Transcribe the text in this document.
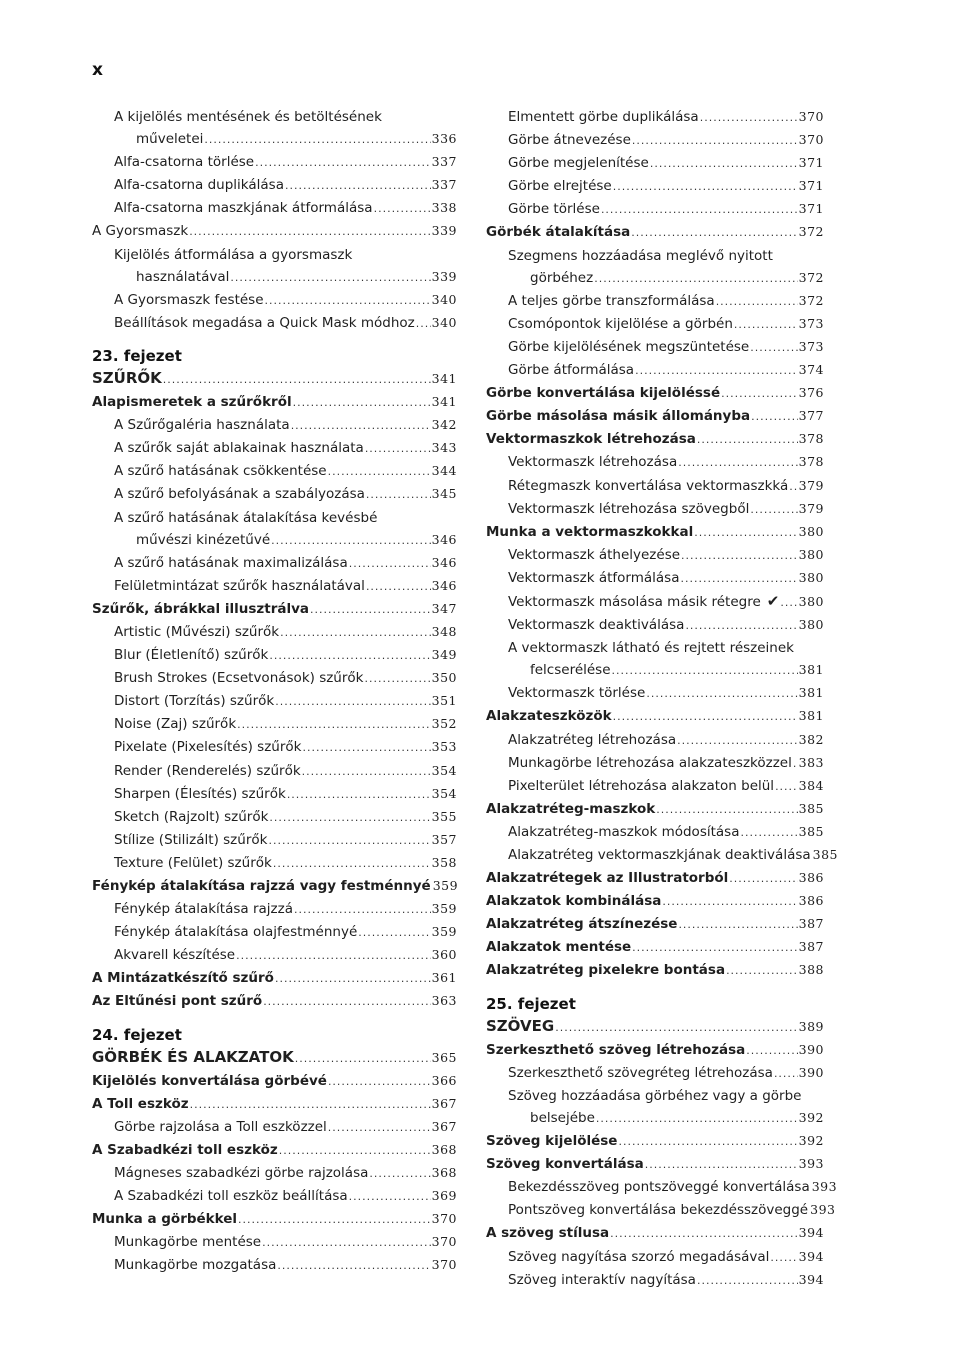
x
A kijelölés mentésének és betöltésének
műveletei .....	336
Alfa-csatorna törlése .....	337
Alfa-csatorna duplikálása .....	337
Alfa-csatorna maszkjának átformálása .....	338
A Gyorsmaszk .....	339
Kijelölés átformálása a gyorsmaszk
használatával .....	339
A Gyorsmaszk festése .....	340
Beállítások megadása a Quick Mask módhoz ..... 340
23. fejezet
SZŰRŐK .....	341
Alapismeretek a szűrőkről .....	341
A Szűrőgaléria használata .....	342
A szűrők saját ablakainak használata .....	343
A szűrő hatásának csökkentése .....	344
A szűrő befolyásának a szabályozása .....	345
A szűrő hatásának átalakítása kevésbé
művészi kinézetűvé .....	346
A szűrő hatásának maximalizálása .....	346
Felületmintázat szűrők használatával .....	346
Szűrők, ábrákkal illusztrálva .....	347
Artistic (Művészi) szűrők .....	348
Blur (Életlenítő) szűrők .....	349
Brush Strokes (Ecsetvonások) szűrők .....	350
Distort (Torzítás) szűrők .....	351
Noise (Zaj) szűrők .....	352
Pixelate (Pixelesítés) szűrők .....	353
Render (Renderelés) szűrők .....	354
Sharpen (Élesítés) szűrők .....	354
Sketch (Rajzolt) szűrők .....	355
Stílize (Stilizált) szűrők .....	357
Texture (Felület) szűrők .....	358
Fénykép átalakítása rajzzá vagy festménnyé 359
Fénykép átalakítása rajzzá .....	359
Fénykép átalakítása olajfestménnyé .....	359
Akvarell készítése .....	360
A Mintázatkészítő szűrő .....	361
Az Eltűnési pont szűrő .....	363
24. fejezet
GÖRBÉK ÉS ALAKZATOK .....	365
Kijelölés konvertálása görbévé .....	366
A Toll eszköz .....	367
Görbe rajzolása a Toll eszközzel .....	367
A Szabadkézi toll eszköz .....	368
Mágneses szabadkézi görbe rajzolása .....	368
A Szabadkézi toll eszköz beállítása .....	369
Munka a görbékkel .....	370
Munkagörbe mentése .....	370
Munkagörbe mozgatása .....	370
Elmentett görbe duplikálása .....	370
Görbe átnevezése .....	370
Görbe megjelenítése .....	371
Görbe elrejtése .....	371
Görbe törlése .....	371
Görbék átalakítása .....	372
Szegmens hozzáadása meglévő nyitott
görbéhez .....	372
A teljes görbe transzformálása .....	372
Csomópontok kijelölése a görbén .....	373
Görbe kijelölésének megszüntetése .....	373
Görbe átformálása .....	374
Görbe konvertálása kijelöléssé .....	376
Görbe másolása másik állományba .....	377
Vektormaszkok létrehozása .....	378
Vektormaszk létrehozása .....	378
Rétegmaszk konvertálása vektormaszkká ..... 379
Vektormaszk létrehozása szövegből .....	379
Munka a vektormaszkokkal .....	380
Vektormaszk áthelyezése .....	380
Vektormaszk átformálása .....	380
Vektormaszk másolása másik rétegre ✔ ..... 380
Vektormaszk deaktiválása .....	380
A vektormaszk látható és rejtett részeinek
felcserélése .....	381
Vektormaszk törlése .....	381
Alakzateszközök .....	381
Alakzatréteg létrehozása .....	382
Munkagörbe létrehozása alakzateszközzel ..... 383
Pixelterület létrehozása alakzaton belül ..... 384
Alakzatréteg-maszkok .....	385
Alakzatréteg-maszkok módosítása .....	385
Alakzatréteg vektormaszkjának deaktiválása 385
Alakzatrétegek az Illustratorból .....	386
Alakzatok kombinálása .....	386
Alakzatréteg átszínezése .....	387
Alakzatok mentése .....	387
Alakzatréteg pixelekre bontása .....	388
25. fejezet
SZÖVEG .....	389
Szerkeszthető szöveg létrehozása .....	390
Szerkeszthető szövegréteg létrehozása ..... 390
Szöveg hozzáadása görbéhez vagy a görbe
belsejébe .....	392
Szöveg kijelölése .....	392
Szöveg konvertálása .....	393
Bekezdésszöveg pontszöveggé konvertálása 393
Pontszöveg konvertálása bekezdésszöveggé 393
A szöveg stílusa .....	394
Szöveg nagyítása szorzó megadásával ..... 394
Szöveg interaktív nagyítása .....	394
